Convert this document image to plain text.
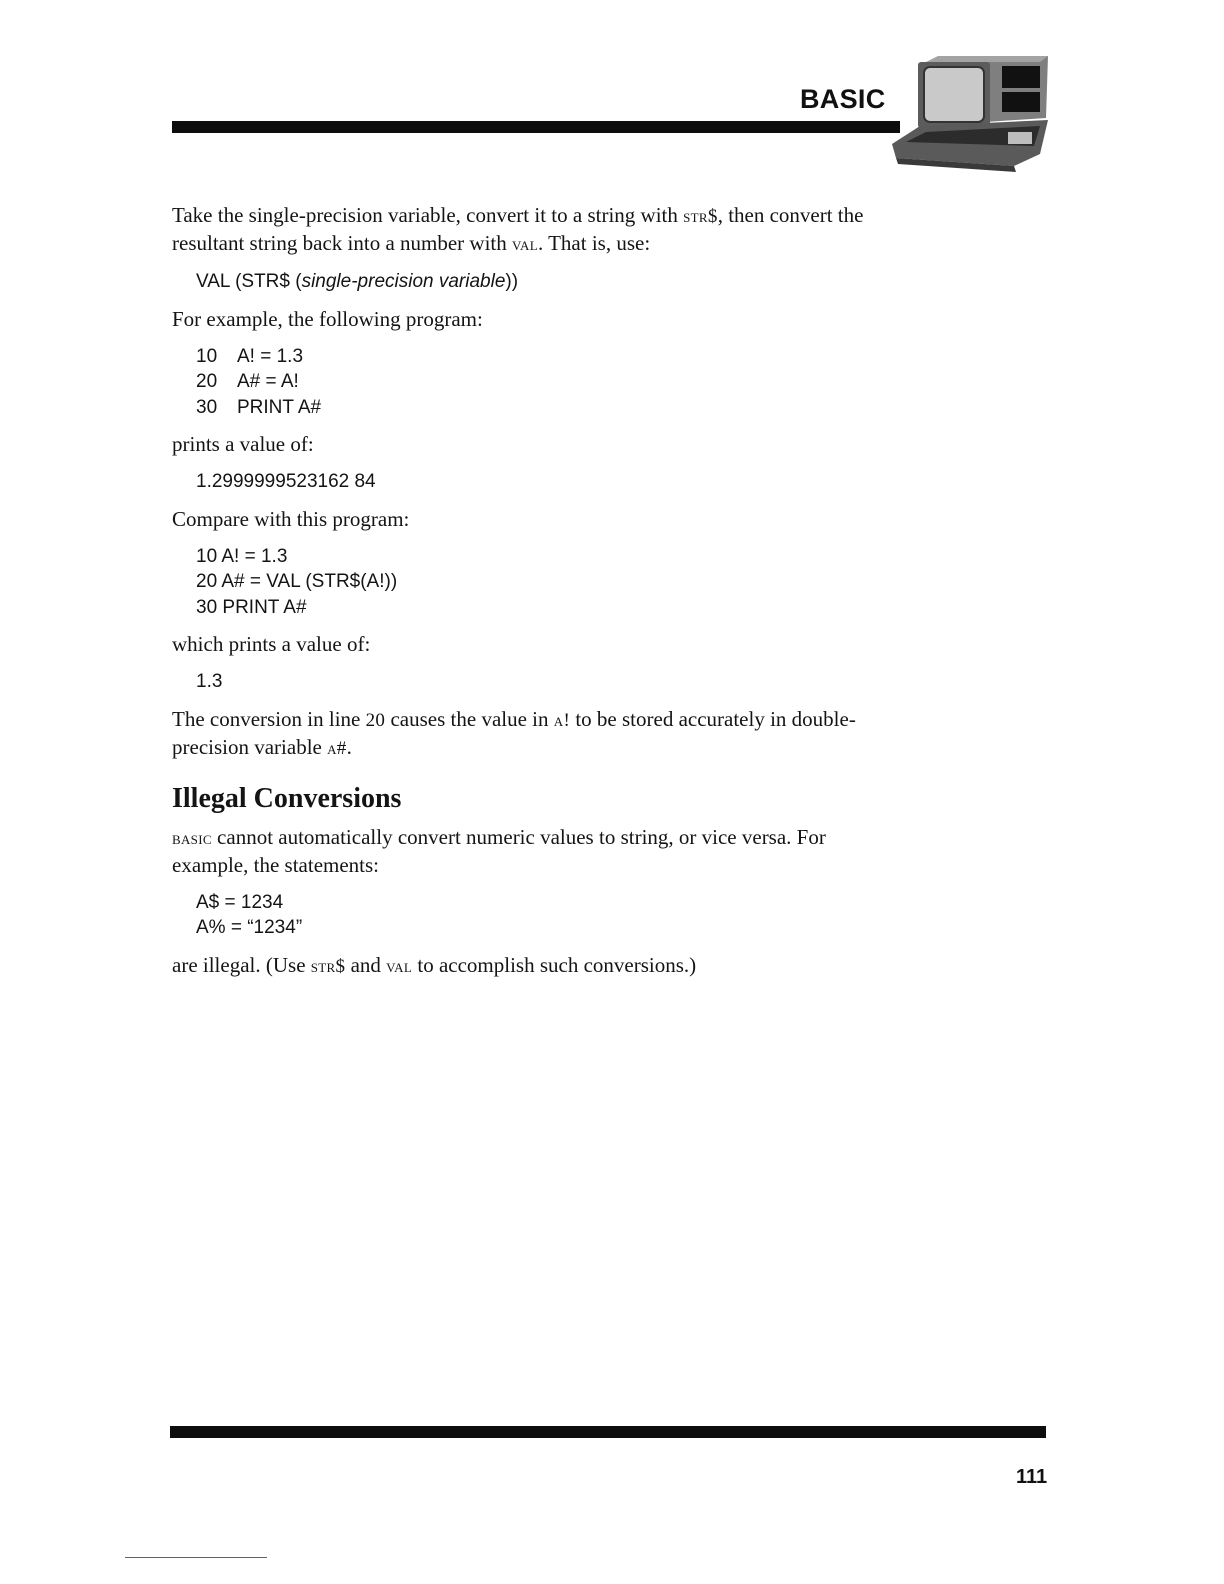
BASIC

Take the single-precision variable, convert it to a string with str$, then convert the resultant string back into a number with val. That is, use:

VAL (STR$ (single-precision variable))

For example, the following program:

10 A! = 1.3

20 A# = A!

30 PRINT A#

prints a value of:

1.2999999523162 84

Compare with this program:

10 A! = 1.3

20 A# = VAL (STR$(A!))

30 PRINT A#

which prints a value of:

1.3

The conversion in line 20 causes the value in a! to be stored accurately in double-precision variable a#.

Illegal Conversions

basic cannot automatically convert numeric values to string, or vice versa. For example, the statements:

A$ = 1234

A% = “1234”

are illegal. (Use str$ and val to accomplish such conversions.)

111
